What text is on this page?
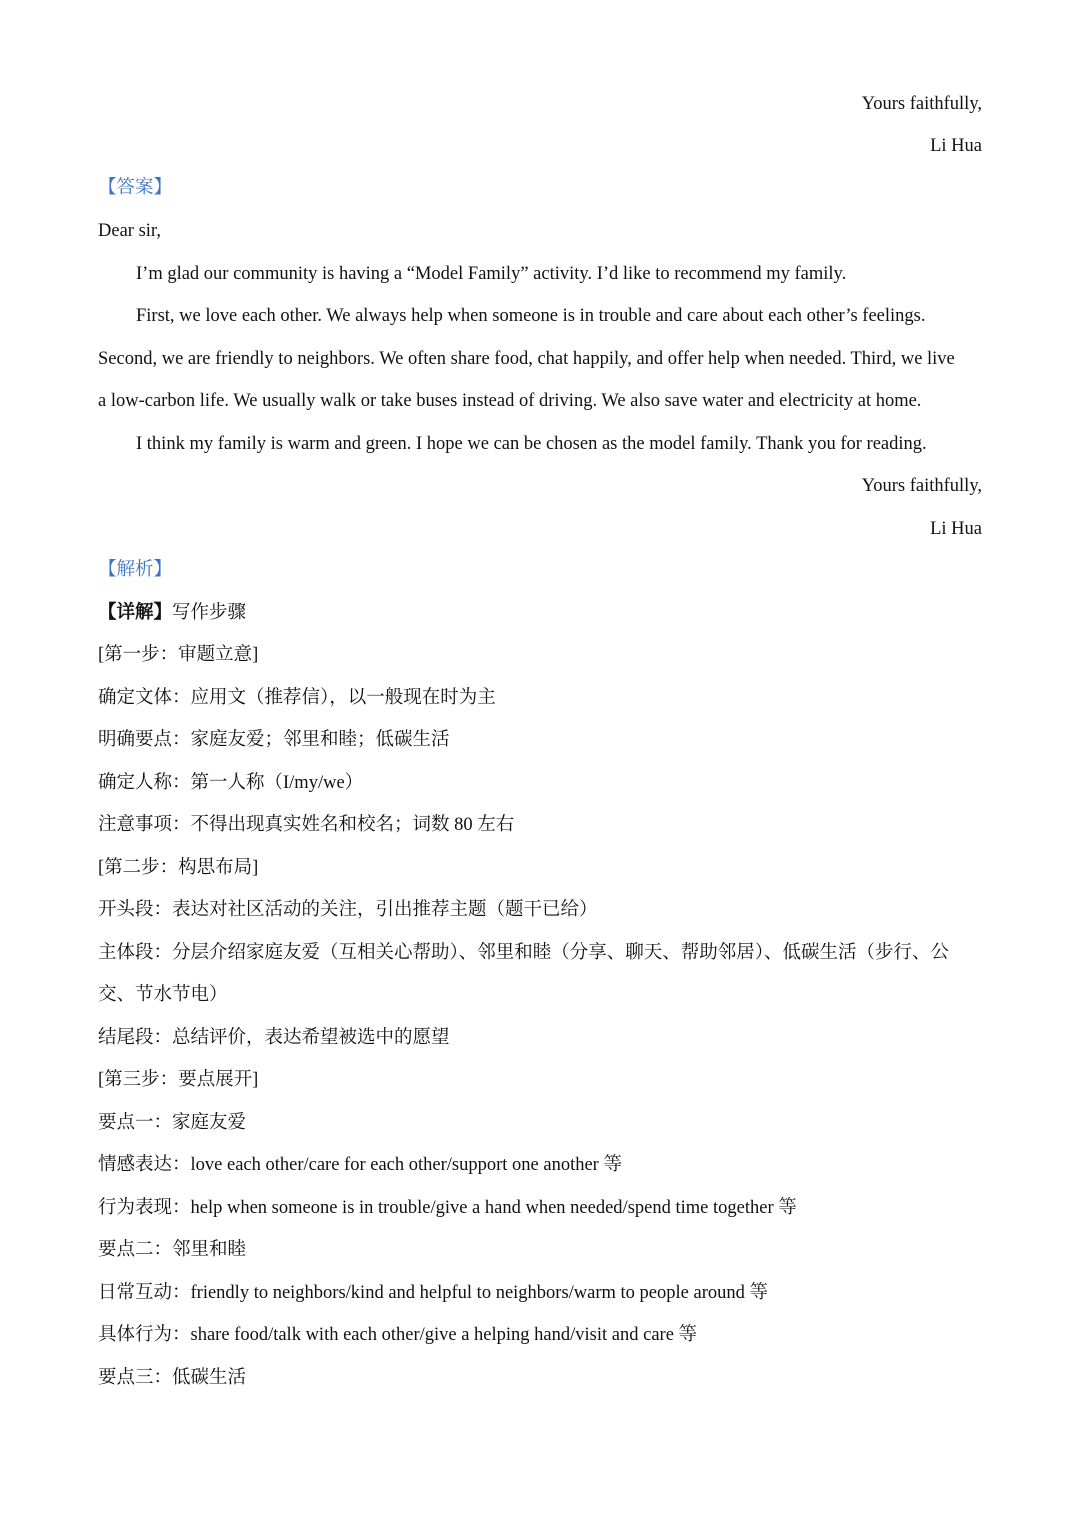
Yours faithfully,
Li Hua
【答案】
Dear sir,
I’m glad our community is having a “Model Family” activity. I’d like to recommend my family.
First, we love each other. We always help when someone is in trouble and care about each other’s feelings.
Second, we are friendly to neighbors. We often share food, chat happily, and offer help when needed. Third, we live
a low-carbon life. We usually walk or take buses instead of driving. We also save water and electricity at home.
I think my family is warm and green. I hope we can be chosen as the model family. Thank you for reading.
Yours faithfully,
Li Hua
【解析】
【详解】写作步骤
[第一步：审题立意]
确定文体：应用文（推荐信），以一般现在时为主
明确要点：家庭友爱；邻里和睦；低碳生活
确定人称：第一人称（I/my/we）
注意事项：不得出现真实姓名和校名；词数 80 左右
[第二步：构思布局]
开头段：表达对社区活动的关注，引出推荐主题（题干已给）
主体段：分层介绍家庭友爱（互相关心帮助）、邻里和睦（分享、聊天、帮助邻居）、低碳生活（步行、公
交、节水节电）
结尾段：总结评价，表达希望被选中的愿望
[第三步：要点展开]
要点一：家庭友爱
情感表达：love each other/care for each other/support one another 等
行为表现：help when someone is in trouble/give a hand when needed/spend time together 等
要点二：邻里和睦
日常互动：friendly to neighbors/kind and helpful to neighbors/warm to people around 等
具体行为：share food/talk with each other/give a helping hand/visit and care 等
要点三：低碳生活
